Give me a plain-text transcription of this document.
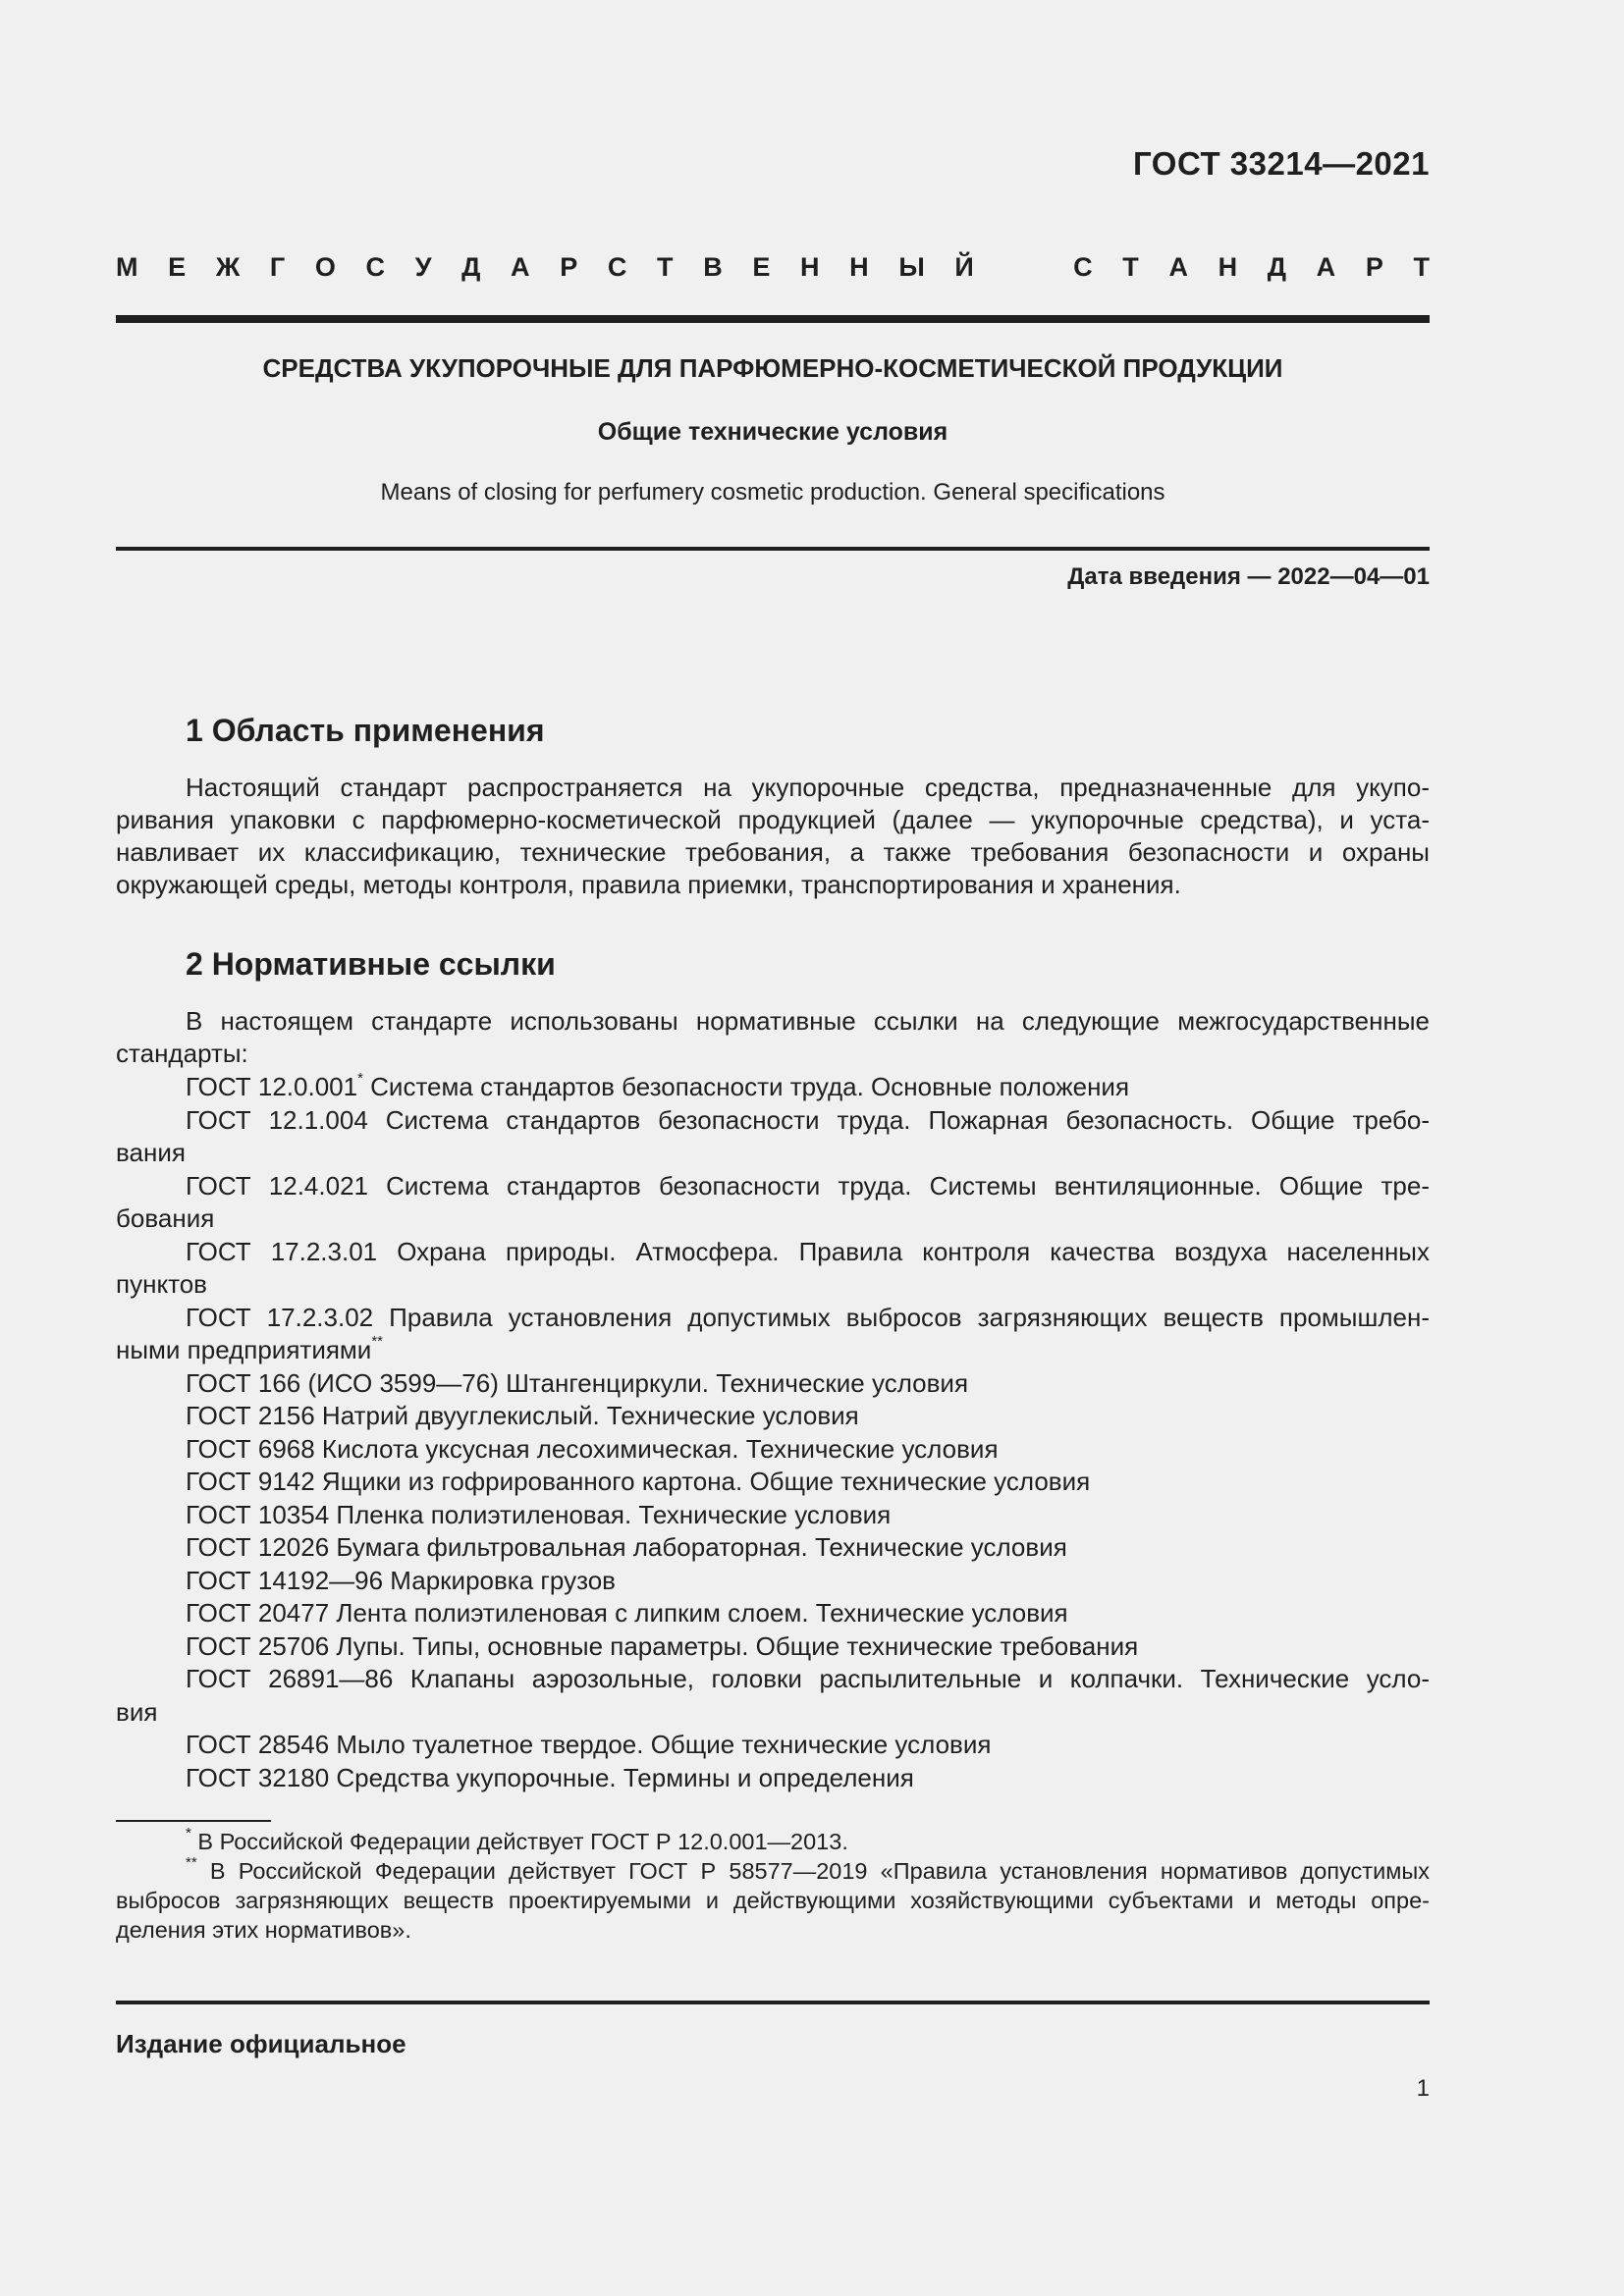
ГОСТ 33214—2021
М Е Ж Г О С У Д А Р С Т В Е Н Н Ы Й	С Т А Н Д А Р Т
СРЕДСТВА УКУПОРОЧНЫЕ ДЛЯ ПАРФЮМЕРНО-КОСМЕТИЧЕСКОЙ ПРОДУКЦИИ
Общие технические условия
Means of closing for perfumery cosmetic production. General specifications
Дата введения — 2022—04—01
1 Область применения
Настоящий стандарт распространяется на укупорочные средства, предназначенные для укупо-
ривания упаковки с парфюмерно-косметической продукцией (далее — укупорочные средства), и уста-
навливает их классификацию, технические требования, а также требования безопасности и охраны
окружающей среды, методы контроля, правила приемки, транспортирования и хранения.
2 Нормативные ссылки
В настоящем стандарте использованы нормативные ссылки на следующие межгосударственные
стандарты:
ГОСТ 12.0.001* Система стандартов безопасности труда. Основные положения
ГОСТ 12.1.004 Система стандартов безопасности труда. Пожарная безопасность. Общие требо-
вания
ГОСТ 12.4.021 Система стандартов безопасности труда. Системы вентиляционные. Общие тре-
бования
ГОСТ 17.2.3.01 Охрана природы. Атмосфера. Правила контроля качества воздуха населенных
пунктов
ГОСТ 17.2.3.02 Правила установления допустимых выбросов загрязняющих веществ промышлен-
ными предприятиями**
ГОСТ 166 (ИСО 3599—76) Штангенциркули. Технические условия
ГОСТ 2156 Натрий двууглекислый. Технические условия
ГОСТ 6968 Кислота уксусная лесохимическая. Технические условия
ГОСТ 9142 Ящики из гофрированного картона. Общие технические условия
ГОСТ 10354 Пленка полиэтиленовая. Технические условия
ГОСТ 12026 Бумага фильтровальная лабораторная. Технические условия
ГОСТ 14192—96 Маркировка грузов
ГОСТ 20477 Лента полиэтиленовая с липким слоем. Технические условия
ГОСТ 25706 Лупы. Типы, основные параметры. Общие технические требования
ГОСТ 26891—86 Клапаны аэрозольные, головки распылительные и колпачки. Технические усло-
вия
ГОСТ 28546 Мыло туалетное твердое. Общие технические условия
ГОСТ 32180 Средства укупорочные. Термины и определения
* В Российской Федерации действует ГОСТ Р 12.0.001—2013.
** В Российской Федерации действует ГОСТ Р 58577—2019 «Правила установления нормативов допустимых
выбросов загрязняющих веществ проектируемыми и действующими хозяйствующими субъектами и методы опре-
деления этих нормативов».
Издание официальное
1
